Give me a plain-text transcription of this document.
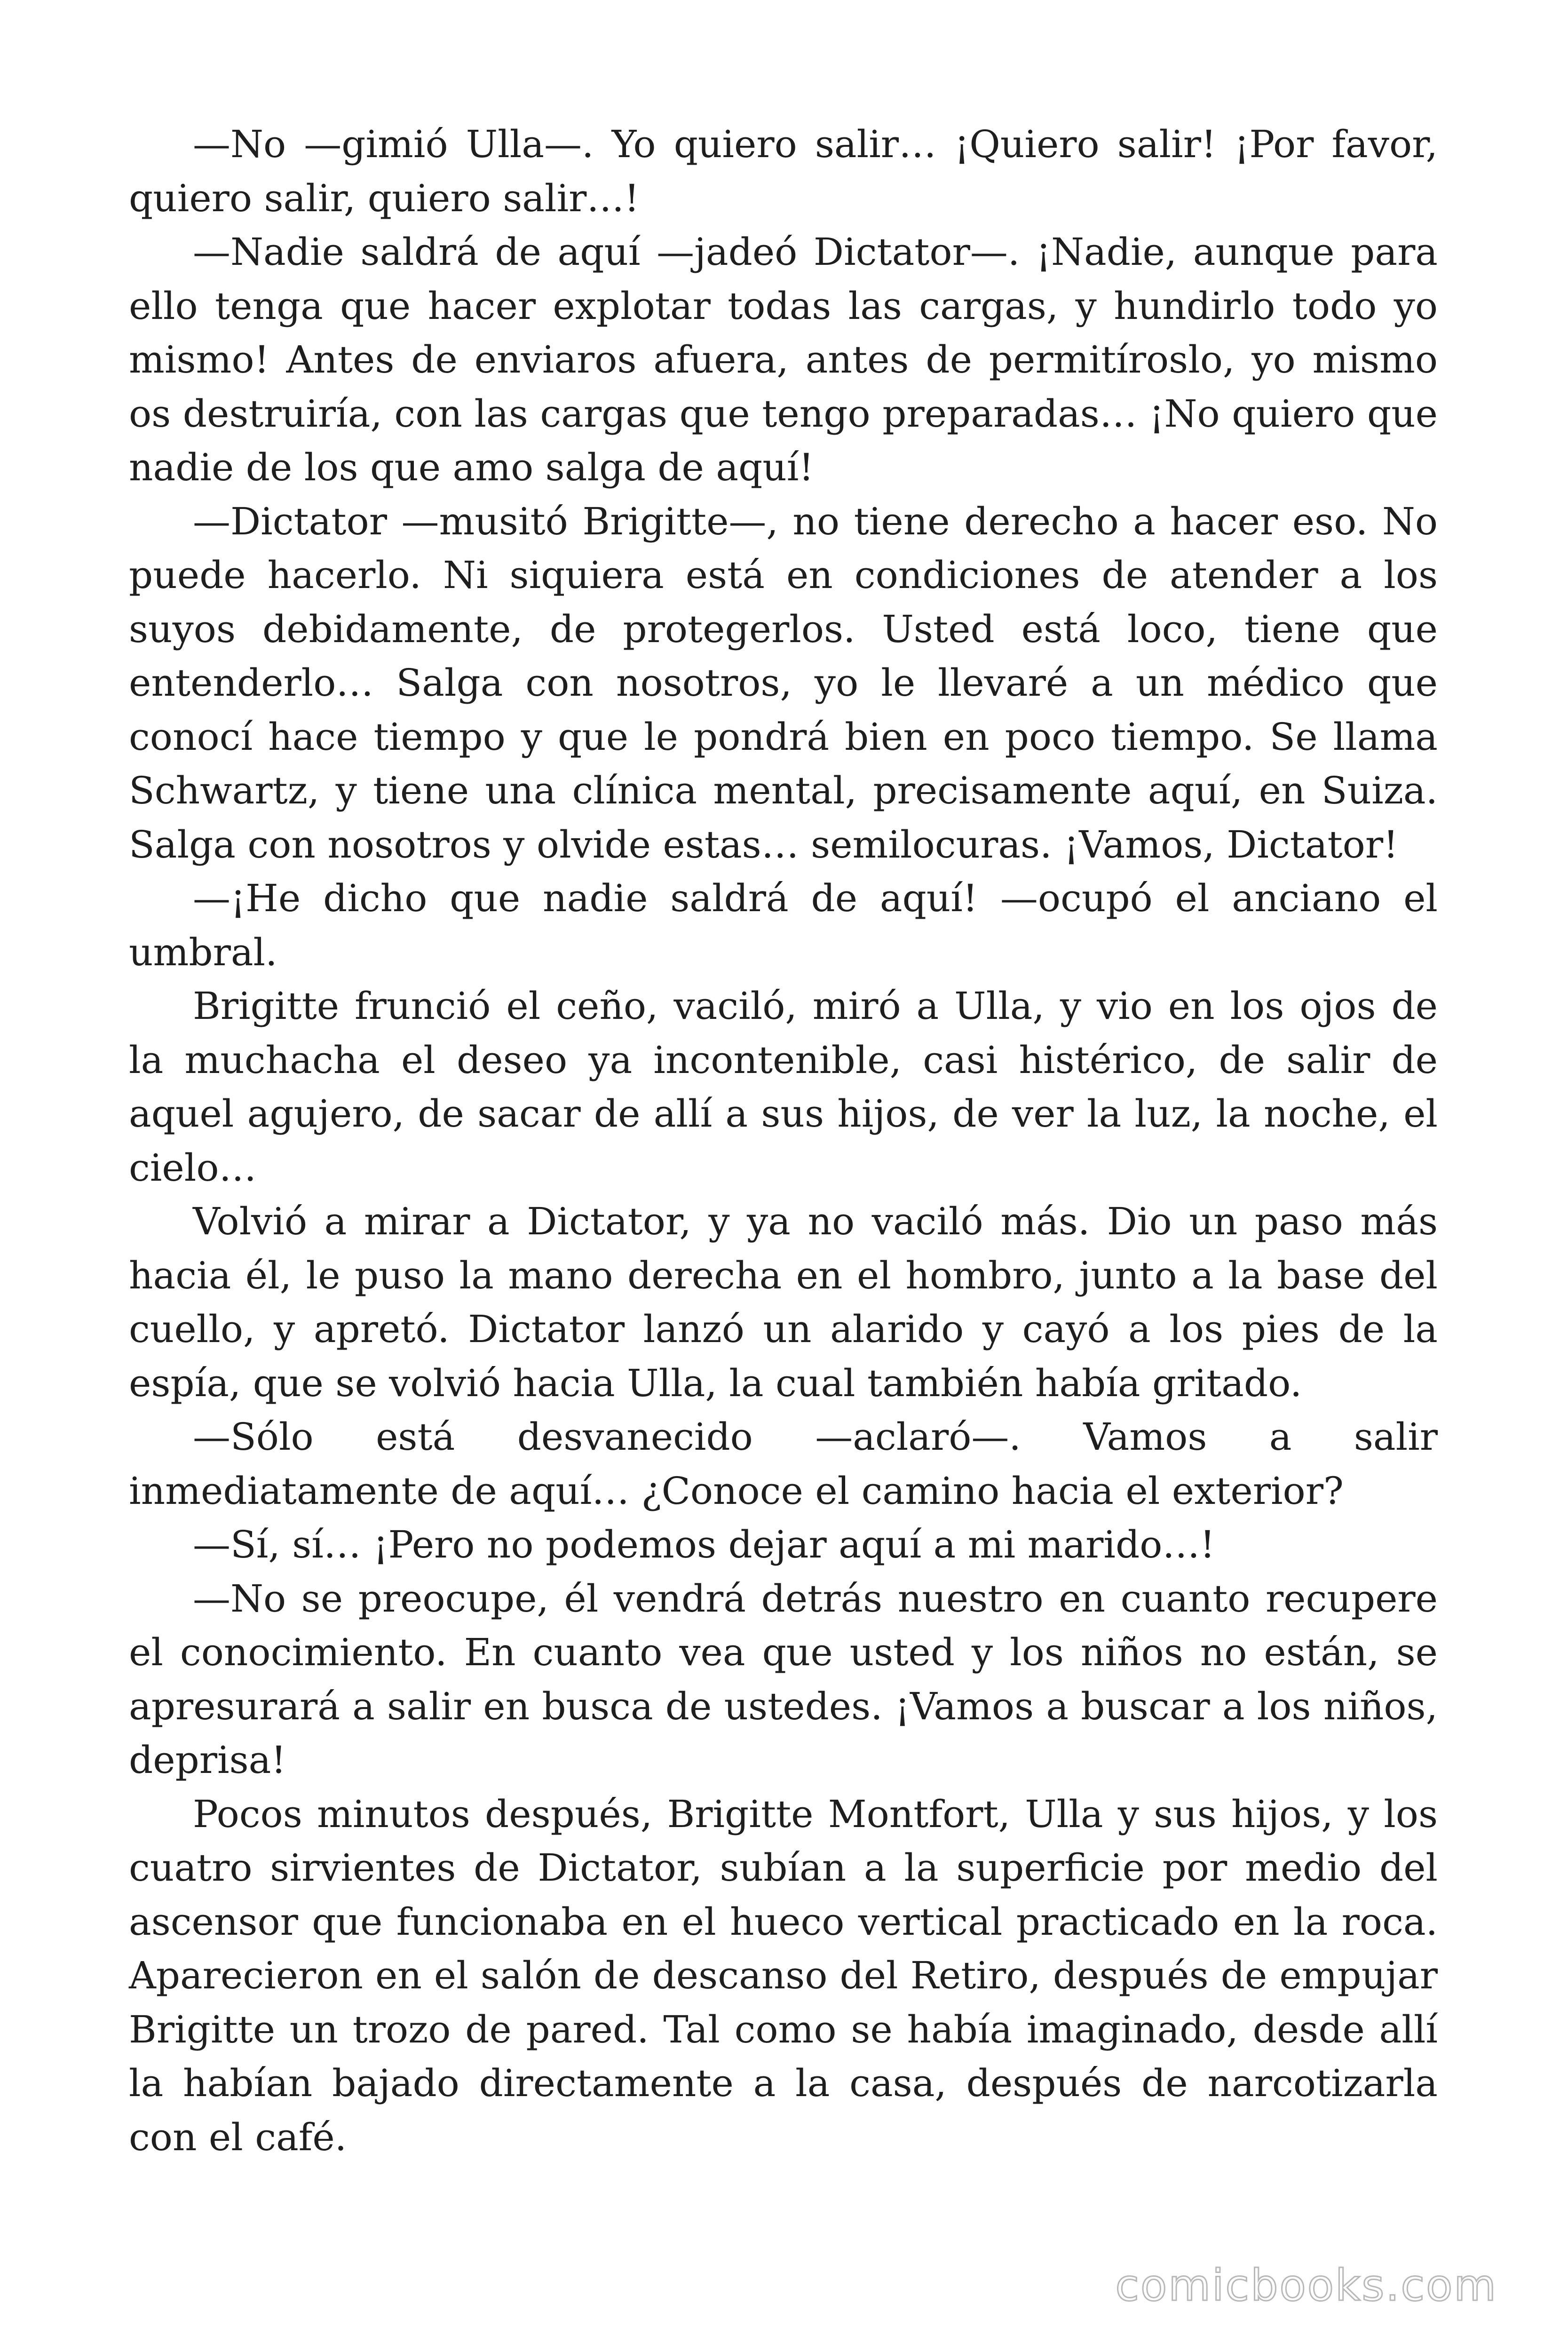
—No —gimió Ulla—. Yo quiero salir… ¡Quiero salir! ¡Por favor, quiero salir, quiero salir…!

—Nadie saldrá de aquí —jadeó Dictator—. ¡Nadie, aunque para ello tenga que hacer explotar todas las cargas, y hundirlo todo yo mismo! Antes de enviaros afuera, antes de permitíroslo, yo mismo os destruiría, con las cargas que tengo preparadas… ¡No quiero que nadie de los que amo salga de aquí!

—Dictator —musitó Brigitte—, no tiene derecho a hacer eso. No puede hacerlo. Ni siquiera está en condiciones de atender a los suyos debidamente, de protegerlos. Usted está loco, tiene que entenderlo… Salga con nosotros, yo le llevaré a un médico que conocí hace tiempo y que le pondrá bien en poco tiempo. Se llama Schwartz, y tiene una clínica mental, precisamente aquí, en Suiza. Salga con nosotros y olvide estas… semilocuras. ¡Vamos, Dictator!

—¡He dicho que nadie saldrá de aquí! —ocupó el anciano el umbral.

Brigitte frunció el ceño, vaciló, miró a Ulla, y vio en los ojos de la muchacha el deseo ya incontenible, casi histérico, de salir de aquel agujero, de sacar de allí a sus hijos, de ver la luz, la noche, el cielo…

Volvió a mirar a Dictator, y ya no vaciló más. Dio un paso más hacia él, le puso la mano derecha en el hombro, junto a la base del cuello, y apretó. Dictator lanzó un alarido y cayó a los pies de la espía, que se volvió hacia Ulla, la cual también había gritado.

—Sólo está desvanecido —aclaró—. Vamos a salir inmediatamente de aquí… ¿Conoce el camino hacia el exterior?

—Sí, sí… ¡Pero no podemos dejar aquí a mi marido…!

—No se preocupe, él vendrá detrás nuestro en cuanto recupere el conocimiento. En cuanto vea que usted y los niños no están, se apresurará a salir en busca de ustedes. ¡Vamos a buscar a los niños, deprisa!

Pocos minutos después, Brigitte Montfort, Ulla y sus hijos, y los cuatro sirvientes de Dictator, subían a la superficie por medio del ascensor que funcionaba en el hueco vertical practicado en la roca. Aparecieron en el salón de descanso del Retiro, después de empujar Brigitte un trozo de pared. Tal como se había imaginado, desde allí la habían bajado directamente a la casa, después de narcotizarla con el café.

comicbooks.com
